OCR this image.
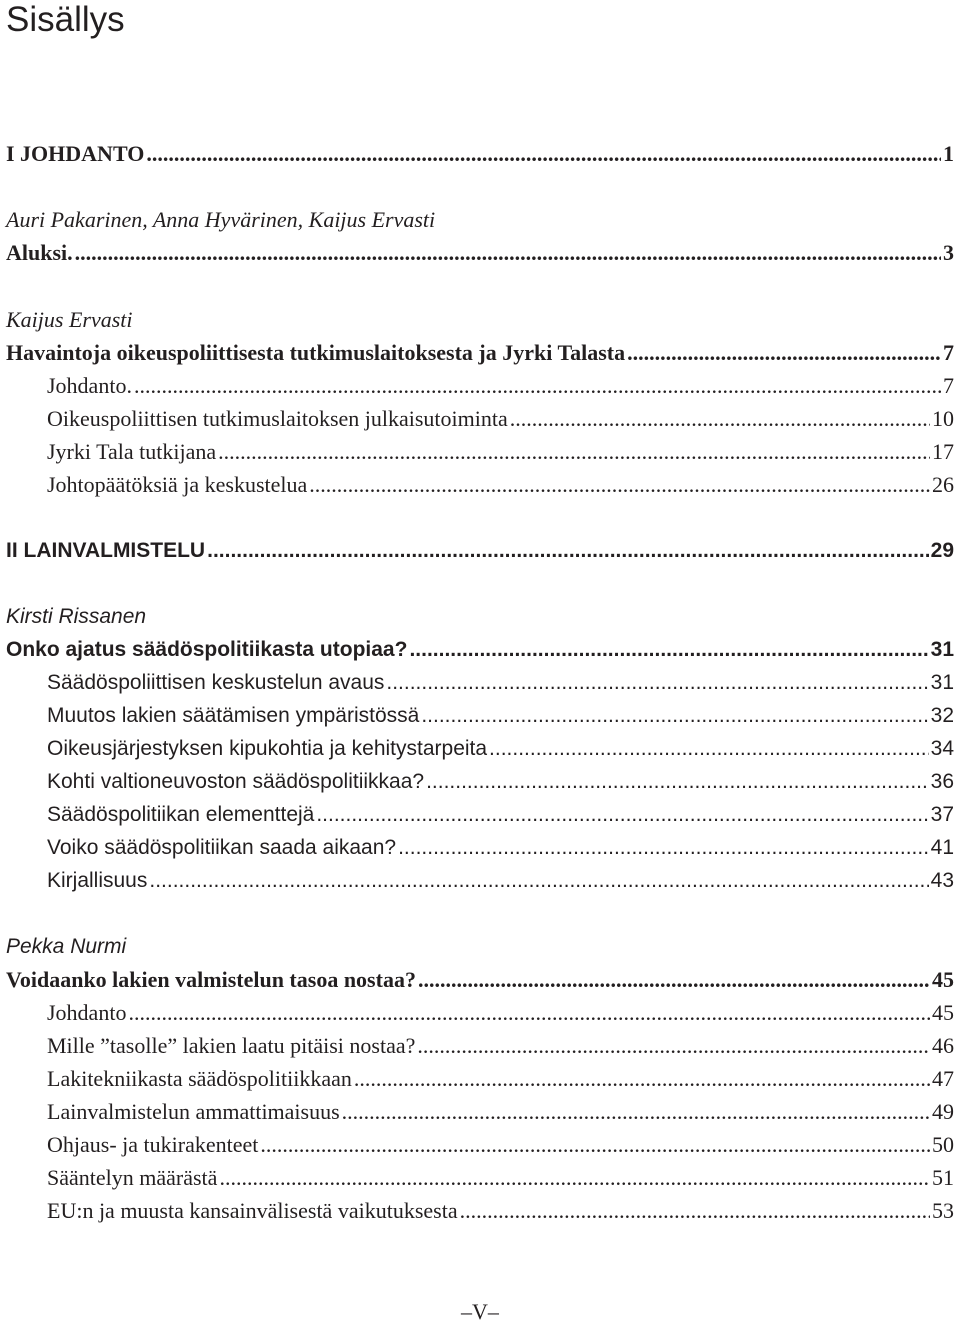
Sisällys
I JOHDANTO .....	1
Auri Pakarinen, Anna Hyvärinen, Kaijus Ervasti
Aluksi. .....	3
Kaijus Ervasti
Havaintoja oikeuspoliittisesta tutkimuslaitoksesta ja Jyrki Talasta .....	7
Johdanto. .....	7
Oikeuspoliittisen tutkimuslaitoksen julkaisutoiminta .....	10
Jyrki Tala tutkijana .....	17
Johtopäätöksiä ja keskustelua .....	26
II LAINVALMISTELU .....	29
Kirsti Rissanen
Onko ajatus säädöspolitiikasta utopiaa? .....	31
Säädöspoliittisen keskustelun avaus .....	31
Muutos lakien säätämisen ympäristössä .....	32
Oikeusjärjestyksen kipukohtia ja kehitystarpeita .....	34
Kohti valtioneuvoston säädöspolitiikkaa? .....	36
Säädöspolitiikan elementtejä .....	37
Voiko säädöspolitiikan saada aikaan? .....	41
Kirjallisuus .....	43
Pekka Nurmi
Voidaanko lakien valmistelun tasoa nostaa? .....	45
Johdanto .....	45
Mille ”tasolle” lakien laatu pitäisi nostaa? .....	46
Lakitekniikasta säädöspolitiikkaan .....	47
Lainvalmistelun ammattimaisuus .....	49
Ohjaus- ja tukirakenteet .....	50
Sääntelyn määrästä .....	51
EU:n ja muusta kansainvälisestä vaikutuksesta .....	53
–V–
